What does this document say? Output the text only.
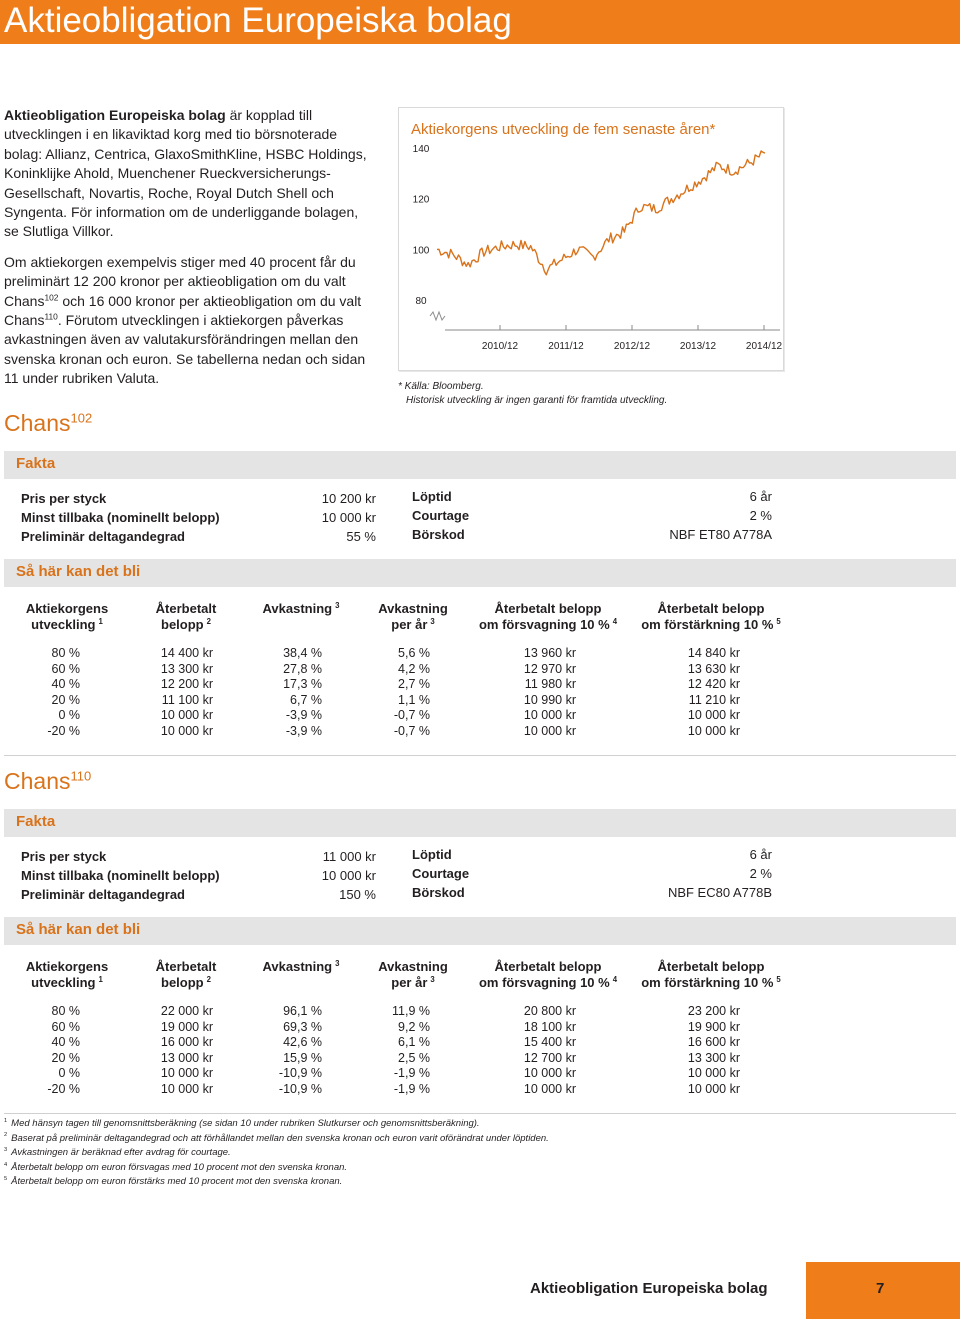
Aktieobligation Europeiska bolag

Aktieobligation Europeiska bolag är kopplad till utvecklingen i en likaviktad korg med tio börsnoterade bolag: Allianz, Centrica, GlaxoSmithKline, HSBC Holdings, Koninklijke Ahold, Muenchener Rueckversicherungs-Gesellschaft, Novartis, Roche, Royal Dutch Shell och Syngenta. För information om de underliggande bolagen, se Slutliga Villkor.

Om aktiekorgen exempelvis stiger med 40 procent får du preliminärt 12 200 kronor per aktieobligation om du valt Chans$^{102}$ och 16 000 kronor per aktieobligation om du valt Chans$^{110}$. Förutom utvecklingen i aktiekorgen påverkas avkastningen även av valutakursförändringen mellan den svenska kronan och euron. Se tabellerna nedan och sidan 11 under rubriken Valuta.

140
120
100
80
2010/12	2011/12	2012/12	2013/12	2014/12
Aktiekorgens utveckling de fem senaste åren*
* Källa: Bloomberg.
Historisk utveckling är ingen garanti för framtida utveckling.
Chans$^{102}$
Fakta
Pris per styck	10 200 kr
Minst tillbaka (nominellt belopp)	10 000 kr
Preliminär deltagandegrad	55 %
Löptid	6 år
Courtage	2 %
Börskod	NBF ET80 A778A
Så här kan det bli
Aktiekorgens
utveckling $^1$
Återbetalt
belopp $^2$
Avkastning $^3$	Avkastning
per år $^3$
Återbetalt belopp
om försvagning 10 % $^4$
Återbetalt belopp
om förstärkning 10 % $^5$
80 %	14 400 kr	38,4 %	5,6 %	13 960 kr	14 840 kr
60 %	13 300 kr	27,8 %	4,2 %	12 970 kr	13 630 kr
40 %	12 200 kr	17,3 %	2,7 %	11 980 kr	12 420 kr
20 %	11 100 kr	6,7 %	1,1 %	10 990 kr	11 210 kr
0 %	10 000 kr	-3,9 %	-0,7 %	10 000 kr	10 000 kr
-20 %	10 000 kr	-3,9 %	-0,7 %	10 000 kr	10 000 kr
Chans$^{110}$
Fakta
Pris per styck	11 000 kr
Minst tillbaka (nominellt belopp)	10 000 kr
Preliminär deltagandegrad	150 %
Löptid	6 år
Courtage	2 %
Börskod	NBF EC80 A778B
Så här kan det bli
Aktiekorgens
utveckling $^1$
Återbetalt
belopp $^2$
Avkastning $^3$	Avkastning
per år $^3$
Återbetalt belopp
om försvagning 10 % $^4$
Återbetalt belopp
om förstärkning 10 % $^5$
80 %	22 000 kr	96,1 %	11,9 %	20 800 kr	23 200 kr
60 %	19 000 kr	69,3 %	9,2 %	18 100 kr	19 900 kr
40 %	16 000 kr	42,6 %	6,1 %	15 400 kr	16 600 kr
20 %	13 000 kr	15,9 %	2,5 %	12 700 kr	13 300 kr
0 %	10 000 kr	-10,9 %	-1,9 %	10 000 kr	10 000 kr
-20 %	10 000 kr	-10,9 %	-1,9 %	10 000 kr	10 000 kr
$^1$ Med hänsyn tagen till genomsnittsberäkning (se sidan 10 under rubriken Slutkurser och genomsnittsberäkning).
$^2$ Baserat på preliminär deltagandegrad och att förhållandet mellan den svenska kronan och euron varit oförändrat under löptiden.
$^3$ Avkastningen är beräknad efter avdrag för courtage.
$^4$ Återbetalt belopp om euron försvagas med 10 procent mot den svenska kronan.
$^5$ Återbetalt belopp om euron förstärks med 10 procent mot den svenska kronan.
Aktieobligation Europeiska bolag	7
